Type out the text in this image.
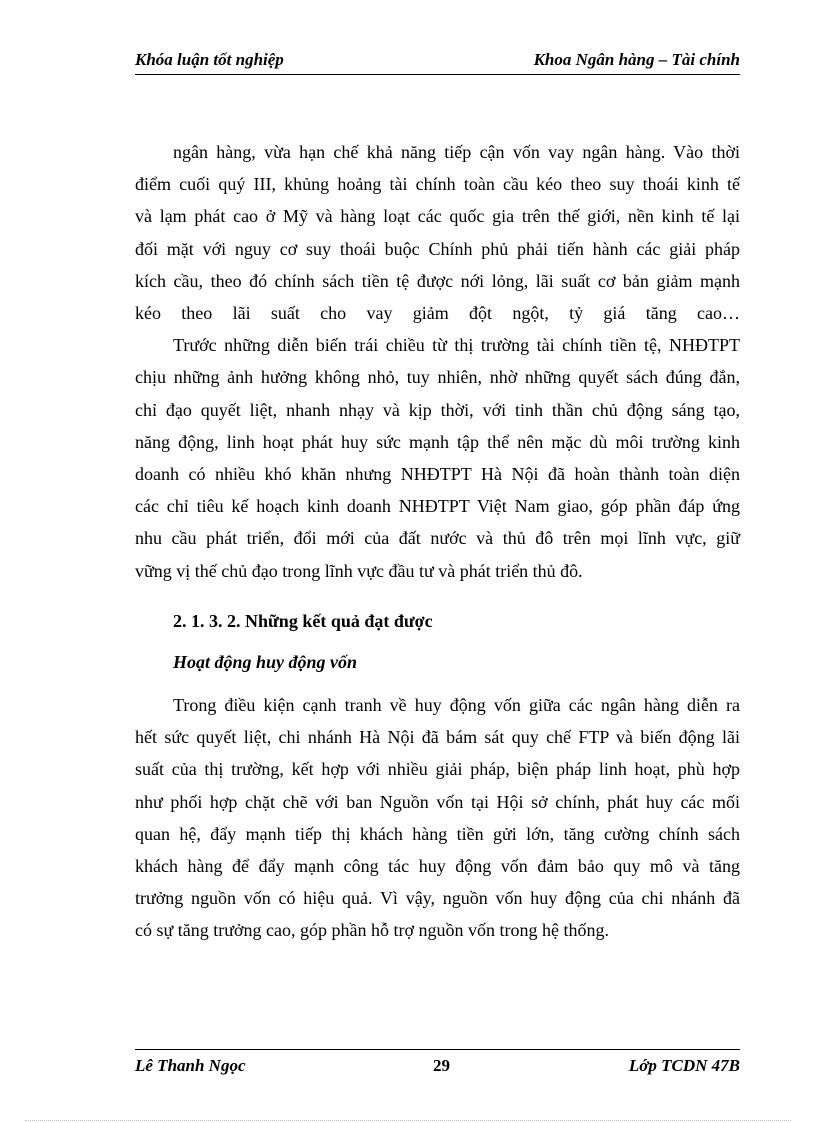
Khóa luận tốt nghiệp	Khoa Ngân hàng – Tài chính

ngân hàng, vừa hạn chế khả năng tiếp cận vốn vay ngân hàng. Vào thời
điểm cuối quý III, khủng hoảng tài chính toàn cầu kéo theo suy thoái kinh tế
và lạm phát cao ở Mỹ và hàng loạt các quốc gia trên thế giới, nền kinh tế lại
đối mặt với nguy cơ suy thoái buộc Chính phủ phải tiến hành các giải pháp
kích cầu, theo đó chính sách tiền tệ được nới lỏng, lãi suất cơ bản giảm mạnh
kéo theo lãi suất cho vay giảm đột ngột, tỷ giá tăng cao…

Trước những diễn biến trái chiều từ thị trường tài chính tiền tệ, NHĐTPT
chịu những ảnh hưởng không nhỏ, tuy nhiên, nhờ những quyết sách đúng đắn,
chỉ đạo quyết liệt, nhanh nhạy và kịp thời, với tinh thần chủ động sáng tạo,
năng động, linh hoạt phát huy sức mạnh tập thể nên mặc dù môi trường kinh
doanh có nhiều khó khăn nhưng NHĐTPT Hà Nội đã hoàn thành toàn diện
các chỉ tiêu kế hoạch kinh doanh NHĐTPT Việt Nam giao, góp phần đáp ứng
nhu cầu phát triển, đổi mới của đất nước và thủ đô trên mọi lĩnh vực, giữ
vững vị thế chủ đạo trong lĩnh vực đầu tư và phát triển thủ đô.

2. 1. 3. 2. Những kết quả đạt được
Hoạt động huy động vốn

Trong điều kiện cạnh tranh về huy động vốn giữa các ngân hàng diễn ra
hết sức quyết liệt, chi nhánh Hà Nội đã bám sát quy chế FTP và biến động lãi
suất của thị trường, kết hợp với nhiều giải pháp, biện pháp linh hoạt, phù hợp
như phối hợp chặt chẽ với ban Nguồn vốn tại Hội sở chính, phát huy các mối
quan hệ, đẩy mạnh tiếp thị khách hàng tiền gửi lớn, tăng cường chính sách
khách hàng để đẩy mạnh công tác huy động vốn đảm bảo quy mô và tăng
trưởng nguồn vốn có hiệu quả. Vì vậy, nguồn vốn huy động của chi nhánh đã
có sự tăng trưởng cao, góp phần hỗ trợ nguồn vốn trong hệ thống.

Lê Thanh Ngọc	29	Lớp TCDN 47B
